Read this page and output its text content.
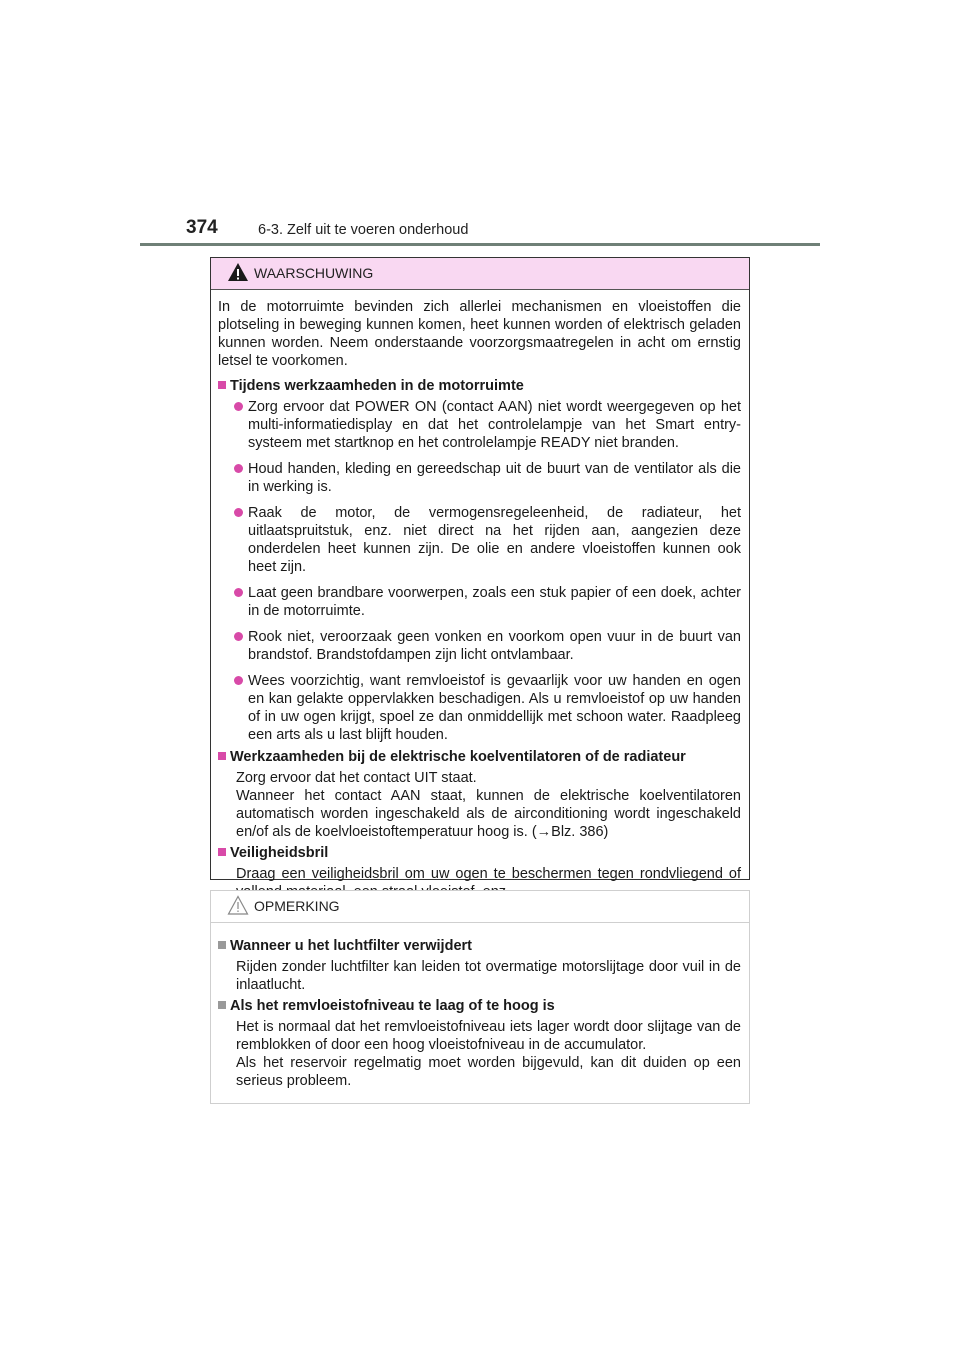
374	6-3. Zelf uit te voeren onderhoud
WAARSCHUWING

In de motorruimte bevinden zich allerlei mechanismen en vloeistoffen die plotseling in beweging kunnen komen, heet kunnen worden of elektrisch geladen kunnen worden. Neem onderstaande voorzorgsmaatregelen in acht om ernstig letsel te voorkomen.

Tijdens werkzaamheden in de motorruimte
Zorg ervoor dat POWER ON (contact AAN) niet wordt weergegeven op het multi-informatiedisplay en dat het controlelampje van het Smart entry-systeem met startknop en het controlelampje READY niet branden.
Houd handen, kleding en gereedschap uit de buurt van de ventilator als die in werking is.
Raak de motor, de vermogensregeleenheid, de radiateur, het uitlaatspruitstuk, enz. niet direct na het rijden aan, aangezien deze onderdelen heet kunnen zijn. De olie en andere vloeistoffen kunnen ook heet zijn.
Laat geen brandbare voorwerpen, zoals een stuk papier of een doek, achter in de motorruimte.
Rook niet, veroorzaak geen vonken en voorkom open vuur in de buurt van brandstof. Brandstofdampen zijn licht ontvlambaar.
Wees voorzichtig, want remvloeistof is gevaarlijk voor uw handen en ogen en kan gelakte oppervlakken beschadigen. Als u remvloeistof op uw handen of in uw ogen krijgt, spoel ze dan onmiddellijk met schoon water. Raadpleeg een arts als u last blijft houden.
Werkzaamheden bij de elektrische koelventilatoren of de radiateur

Zorg ervoor dat het contact UIT staat.
Wanneer het contact AAN staat, kunnen de elektrische koelventilatoren automatisch worden ingeschakeld als de airconditioning wordt ingeschakeld en/of als de koelvloeistoftemperatuur hoog is. (→Blz. 386)

Veiligheidsbril

Draag een veiligheidsbril om uw ogen te beschermen tegen rondvliegend of

OPMERKING
Wanneer u het luchtfilter verwijdert

Rijden zonder luchtfilter kan leiden tot overmatige motorslijtage door vuil in de inlaatlucht.

Als het remvloeistofniveau te laag of te hoog is

Het is normaal dat het remvloeistofniveau iets lager wordt door slijtage van de remblokken of door een hoog vloeistofniveau in de accumulator.
Als het reservoir regelmatig moet worden bijgevuld, kan dit duiden op een serieus probleem.
